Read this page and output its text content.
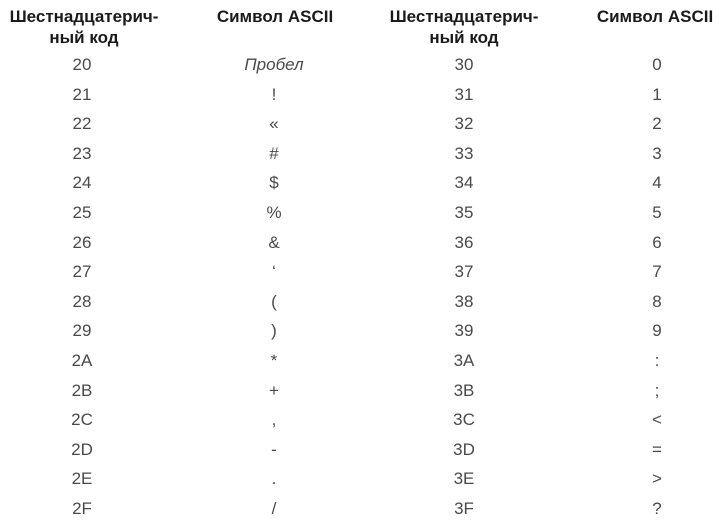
Шестнадцатерич-
ный код
Символ ASCII	Шестнадцатерич-
ный код
Символ ASCII
20	Пробел	30	0
21	!	31	1
22	«	32	2
23	#	33	3
24	$	34	4
25	%	35	5
26	&	36	6
27	‘	37	7
28	(	38	8
29	)	39	9
2A	*	3A	:
2B	+	3B	;
2C	,	3C	<
2D	-	3D	=
2E	.	3E	>
2F	/	3F	?
